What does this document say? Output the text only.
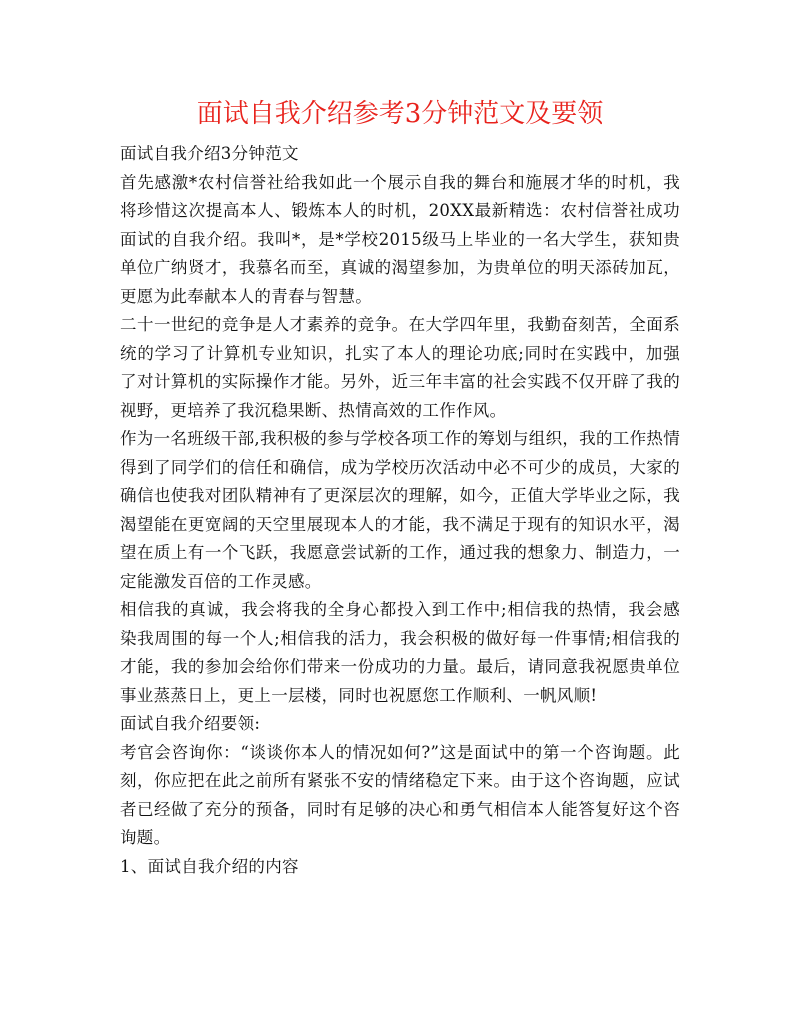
面试自我介绍参考3分钟范文及要领

面试自我介绍3分钟范文

首先感激*农村信誉社给我如此一个展示自我的舞台和施展才华的时机，我将珍惜这次提高本人、锻炼本人的时机，20XX最新精选：农村信誉社成功面试的自我介绍。我叫*，是*学校2015级马上毕业的一名大学生，获知贵单位广纳贤才，我慕名而至，真诚的渴望参加，为贵单位的明天添砖加瓦，更愿为此奉献本人的青春与智慧。

二十一世纪的竞争是人才素养的竞争。在大学四年里，我勤奋刻苦，全面系统的学习了计算机专业知识，扎实了本人的理论功底;同时在实践中，加强了对计算机的实际操作才能。另外，近三年丰富的社会实践不仅开辟了我的视野，更培养了我沉稳果断、热情高效的工作作风。

作为一名班级干部,我积极的参与学校各项工作的筹划与组织，我的工作热情得到了同学们的信任和确信，成为学校历次活动中必不可少的成员，大家的确信也使我对团队精神有了更深层次的理解，如今，正值大学毕业之际，我渴望能在更宽阔的天空里展现本人的才能，我不满足于现有的知识水平，渴望在质上有一个飞跃，我愿意尝试新的工作，通过我的想象力、制造力，一定能激发百倍的工作灵感。

相信我的真诚，我会将我的全身心都投入到工作中;相信我的热情，我会感染我周围的每一个人;相信我的活力，我会积极的做好每一件事情;相信我的才能，我的参加会给你们带来一份成功的力量。最后，请同意我祝愿贵单位事业蒸蒸日上，更上一层楼，同时也祝愿您工作顺利、一帆风顺!

面试自我介绍要领:

考官会咨询你：“谈谈你本人的情况如何?”这是面试中的第一个咨询题。此刻，你应把在此之前所有紧张不安的情绪稳定下来。由于这个咨询题，应试者已经做了充分的预备，同时有足够的决心和勇气相信本人能答复好这个咨询题。

1、面试自我介绍的内容
